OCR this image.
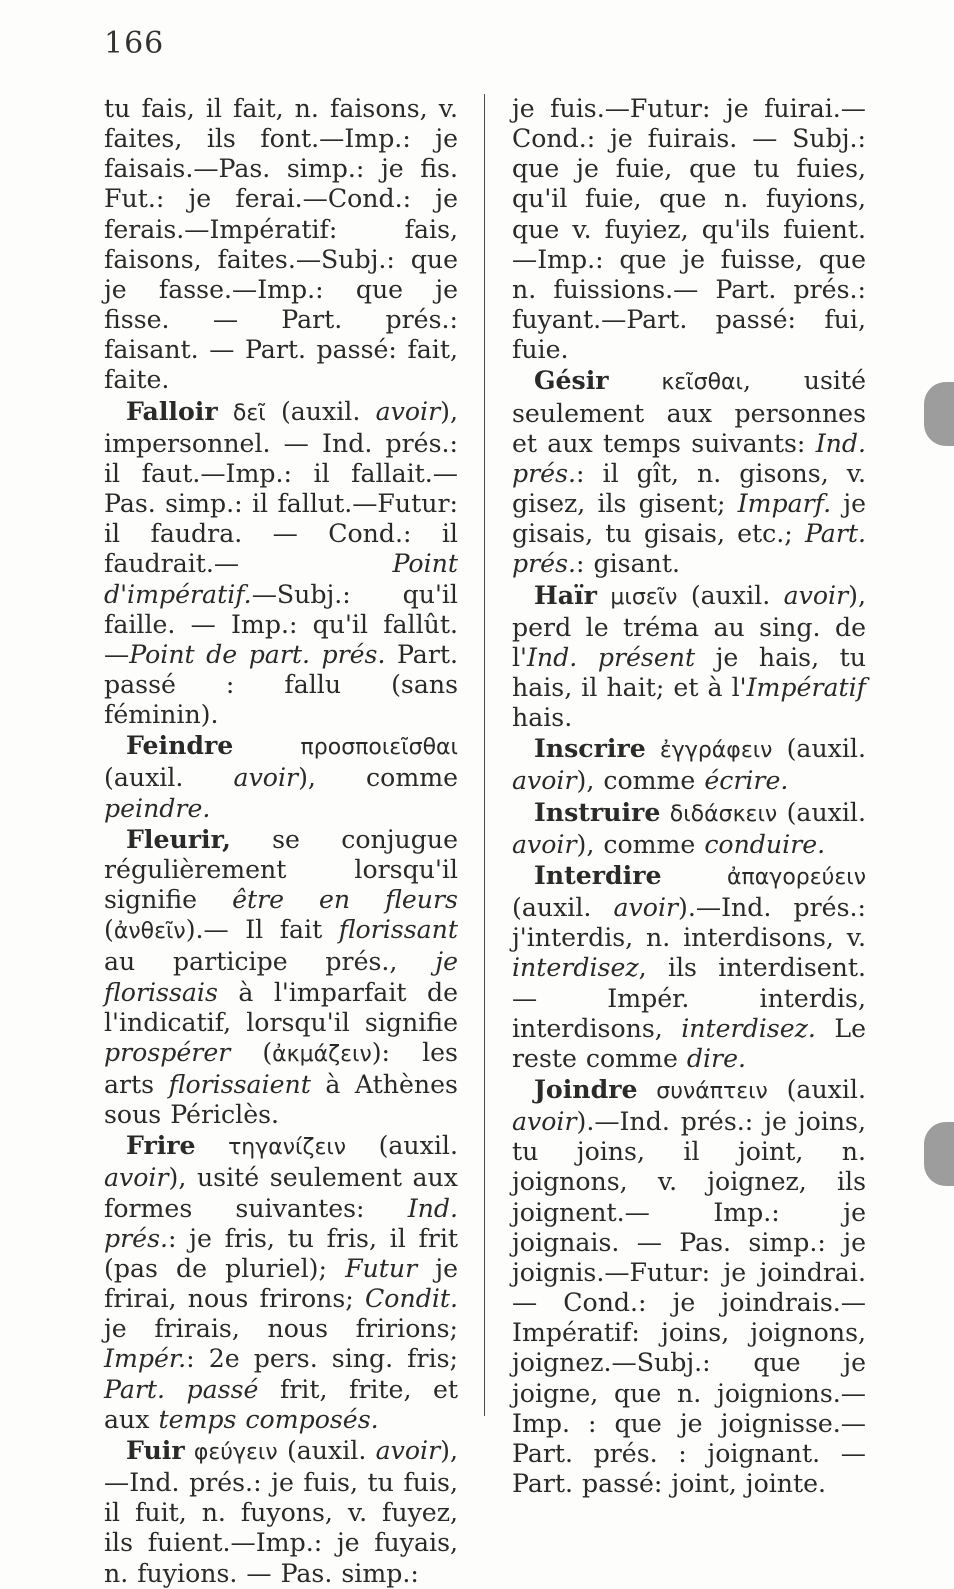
166

tu fais, il fait, n. faisons, v. faites, ils font.—Imp.: je faisais.—Pas. simp.: je fis. Fut.: je ferai.—Cond.: je ferais.—Impératif: fais, faisons, faites.—Subj.: que je fasse.—Imp.: que je fisse. — Part. prés.: faisant. — Part. passé: fait, faite.

Falloir δεῖ (auxil. avoir), impersonnel. — Ind. prés.: il faut.—Imp.: il fallait.—Pas. simp.: il fallut.—Futur: il faudra. — Cond.: il faudrait.— Point d'impératif.—Subj.: qu'il faille. — Imp.: qu'il fallût.—Point de part. prés. Part. passé : fallu (sans féminin).

Feindre	προσποιεῖσθαι (auxil. avoir), comme peindre.

Fleurir, se conjugue régulièrement lorsqu'il signifie être en fleurs (ἀνθεῖν).— Il fait florissant au participe prés., je florissais à l'imparfait de l'indicatif, lorsqu'il signifie prospérer (ἀκμάζειν): les arts florissaient à Athènes sous Périclès.

Frire τηγανίζειν (auxil. avoir), usité seulement aux formes suivantes: Ind. prés.: je fris, tu fris, il frit (pas de pluriel); Futur je frirai, nous frirons; Condit. je frirais, nous fririons; Impér.: 2e pers. sing. fris; Part. passé frit, frite, et aux temps composés.

Fuir φεύγειν (auxil. avoir), —Ind. prés.: je fuis, tu fuis, il fuit, n. fuyons, v. fuyez, ils fuient.—Imp.: je fuyais, n. fuyions. — Pas. simp.:

je fuis.—Futur: je fuirai.— Cond.: je fuirais. — Subj.: que je fuie, que tu fuies, qu'il fuie, que n. fuyions, que v. fuyiez, qu'ils fuient. —Imp.: que je fuisse, que n. fuissions.— Part. prés.: fuyant.—Part. passé: fui, fuie.

Gésir κεῖσθαι, usité seulement aux personnes et aux temps suivants: Ind. prés.: il gît, n. gisons, v. gisez, ils gisent; Imparf. je gisais, tu gisais, etc.; Part. prés.: gisant.

Haïr μισεῖν (auxil. avoir), perd le tréma au sing. de l'Ind. présent je hais, tu hais, il hait; et à l'Impératif hais.

Inscrire ἐγγράφειν (auxil. avoir), comme écrire.

Instruire διδάσκειν (auxil. avoir), comme conduire.

Interdire	ἀπαγορεύειν (auxil. avoir).—Ind. prés.: j'interdis, n. interdisons, v. interdisez, ils interdisent.— Impér. interdis, interdisons, interdisez. Le reste comme dire.

Joindre συνάπτειν (auxil. avoir).—Ind. prés.: je joins, tu joins, il joint, n. joignons, v. joignez, ils joignent.— Imp.: je joignais. — Pas. simp.: je joignis.—Futur: je joindrai.— Cond.: je joindrais.—Impératif: joins, joignons, joignez.—Subj.: que je joigne, que n. joignions.— Imp. : que je joignisse.— Part. prés. : joignant. — Part. passé: joint, jointe.
